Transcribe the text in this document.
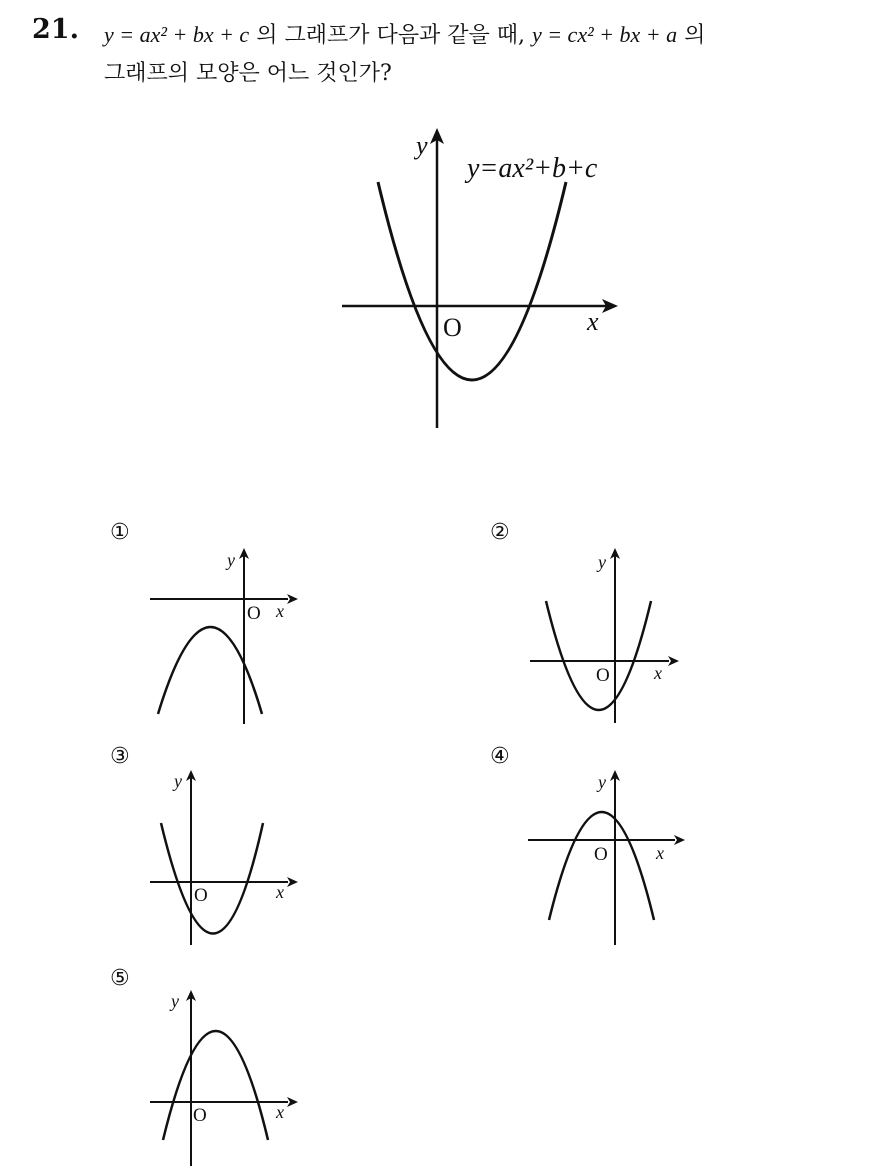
21. y = ax² + bx + c 의 그래프가 다음과 같을 때, y = cx² + bx + a 의
그래프의 모양은 어느 것인가?
y
x
O
y=ax²+b+c
①
y
x
O
②
y
x
O
③
y
x
O
④
y
x
O
⑤
y
x
O
